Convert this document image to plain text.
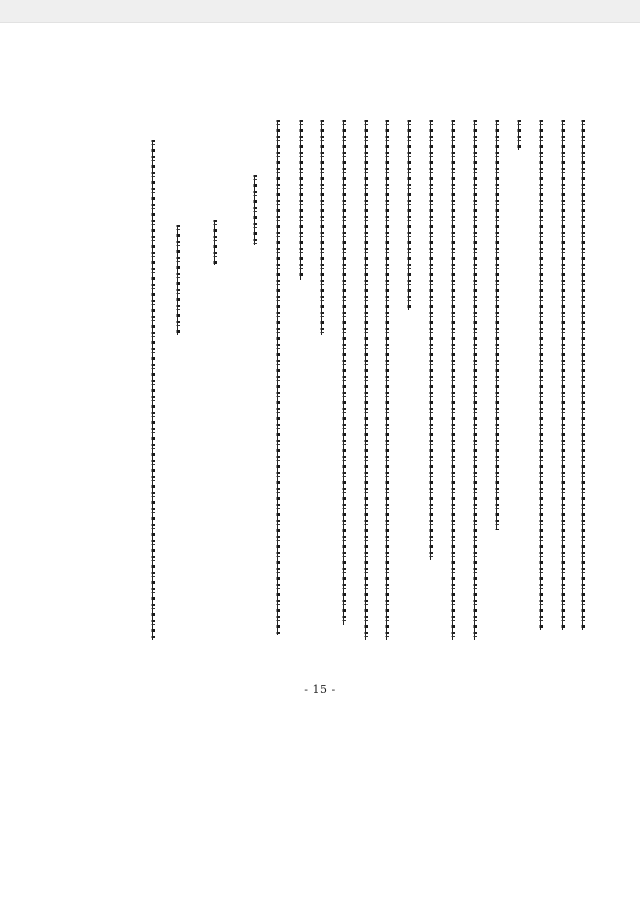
- 15 -
